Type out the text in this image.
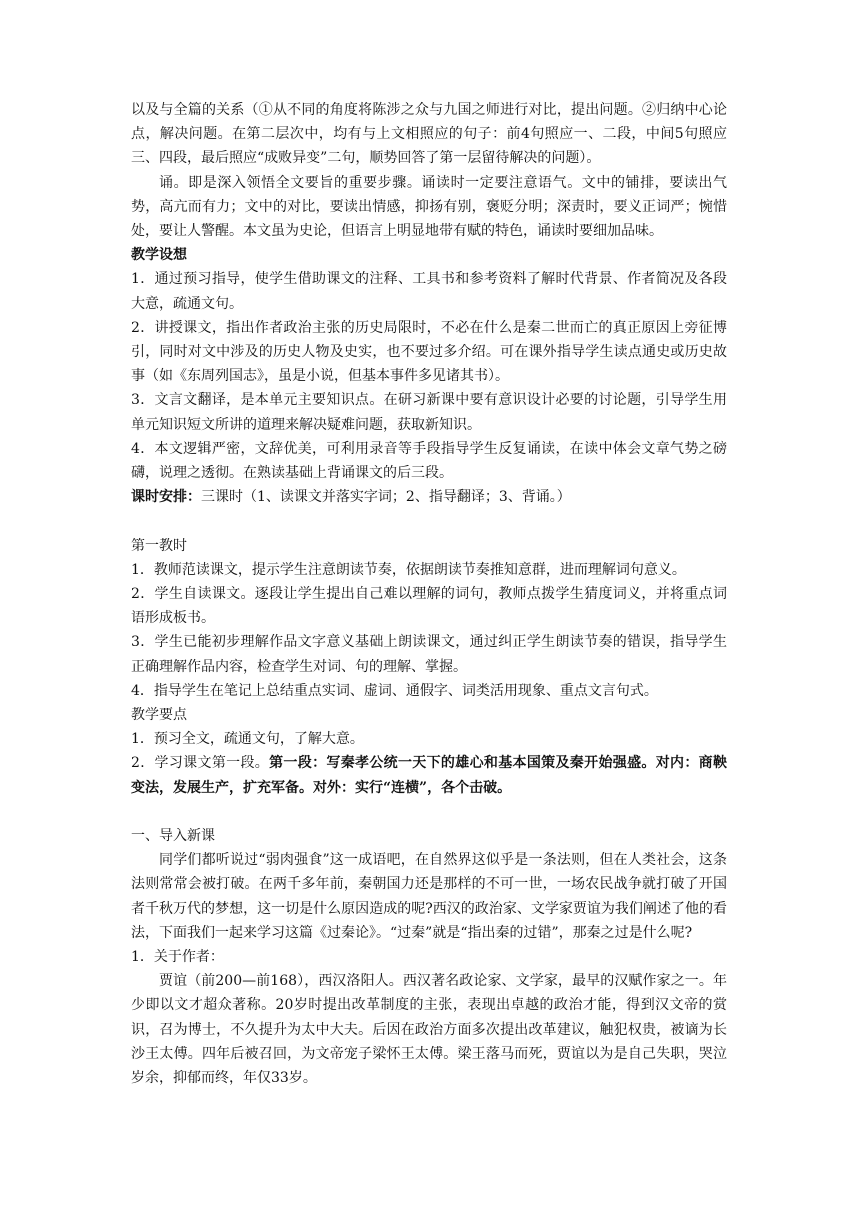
以及与全篇的关系（①从不同的角度将陈涉之众与九国之师进行对比，提出问题。②归纳中心论点，解决问题。在第二层次中，均有与上文相照应的句子：前4句照应一、二段，中间5句照应三、四段，最后照应“成败异变”二句，顺势回答了第一层留待解决的问题）。

诵。即是深入领悟全文要旨的重要步骤。诵读时一定要注意语气。文中的铺排，要读出气势，高亢而有力；文中的对比，要读出情感，抑扬有别，褒贬分明；深责时，要义正词严；惋惜处，要让人警醒。本文虽为史论，但语言上明显地带有赋的特色，诵读时要细加品味。

教学设想

1．通过预习指导，使学生借助课文的注释、工具书和参考资料了解时代背景、作者简况及各段大意，疏通文句。

2．讲授课文，指出作者政治主张的历史局限时，不必在什么是秦二世而亡的真正原因上旁征博引，同时对文中涉及的历史人物及史实，也不要过多介绍。可在课外指导学生读点通史或历史故事（如《东周列国志》，虽是小说，但基本事件多见诸其书）。

3．文言文翻译，是本单元主要知识点。在研习新课中要有意识设计必要的讨论题，引导学生用单元知识短文所讲的道理来解决疑难问题，获取新知识。

4．本文逻辑严密，文辞优美，可利用录音等手段指导学生反复诵读，在读中体会文章气势之磅礴，说理之透彻。在熟读基础上背诵课文的后三段。

课时安排：三课时（1、读课文并落实字词；2、指导翻译；3、背诵。）

第一教时

1．教师范读课文，提示学生注意朗读节奏，依据朗读节奏推知意群，进而理解词句意义。

2．学生自读课文。逐段让学生提出自己难以理解的词句，教师点拨学生猜度词义，并将重点词语形成板书。

3．学生已能初步理解作品文字意义基础上朗读课文，通过纠正学生朗读节奏的错误，指导学生正确理解作品内容，检查学生对词、句的理解、掌握。

4．指导学生在笔记上总结重点实词、虚词、通假字、词类活用现象、重点文言句式。

教学要点

1．预习全文，疏通文句，了解大意。

2．学习课文第一段。第一段：写秦孝公统一天下的雄心和基本国策及秦开始强盛。对内：商鞅变法，发展生产，扩充军备。对外：实行“连横”，各个击破。

一、导入新课

同学们都听说过“弱肉强食”这一成语吧，在自然界这似乎是一条法则，但在人类社会，这条法则常常会被打破。在两千多年前，秦朝国力还是那样的不可一世，一场农民战争就打破了开国者千秋万代的梦想，这一切是什么原因造成的呢?西汉的政治家、文学家贾谊为我们阐述了他的看法，下面我们一起来学习这篇《过秦论》。“过秦”就是“指出秦的过错”，那秦之过是什么呢?

1．关于作者：

贾谊（前200—前168），西汉洛阳人。西汉著名政论家、文学家，最早的汉赋作家之一。年少即以文才超众著称。20岁时提出改革制度的主张，表现出卓越的政治才能，得到汉文帝的赏识，召为博士，不久提升为太中大夫。后因在政治方面多次提出改革建议，触犯权贵，被谪为长沙王太傅。四年后被召回，为文帝宠子梁怀王太傅。梁王落马而死，贾谊以为是自己失职，哭泣岁余，抑郁而终，年仅33岁。
